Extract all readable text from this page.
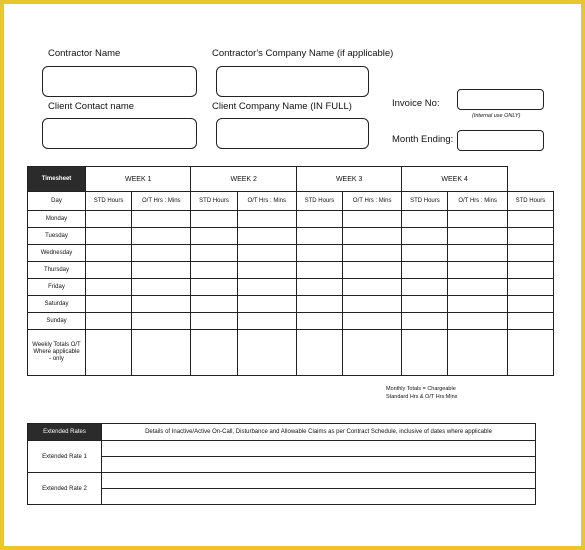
Contractor Name	Contractor's Company Name (if applicable)
Client Contact name	Client Company Name (IN FULL)	Invoice No:
(Internal use ONLY)
Month Ending:
Timesheet	WEEK 1		WEEK 2		WEEK 3		WEEK 4		
Day	STD Hours	O/T Hrs : Mins	STD Hours	O/T Hrs : Mins	STD Hours	O/T Hrs : Mins	STD Hours	O/T Hrs : Mins	STD Hours
Monday									
Tuesday									
Wednesday									
Thursday									
Friday									
Saturday									
Sunday									
Weekly Totals O/T Where applicable - only									
Monthly Totals = Chargeable
Standard Hrs & O/T Hrs:Mins
Extended Rates	Details of Inactive/Active On-Call, Disturbance and Allowable Claims as per Contract Schedule, inclusive of dates where applicable
Extended Rate 1	

Extended Rate 2	
